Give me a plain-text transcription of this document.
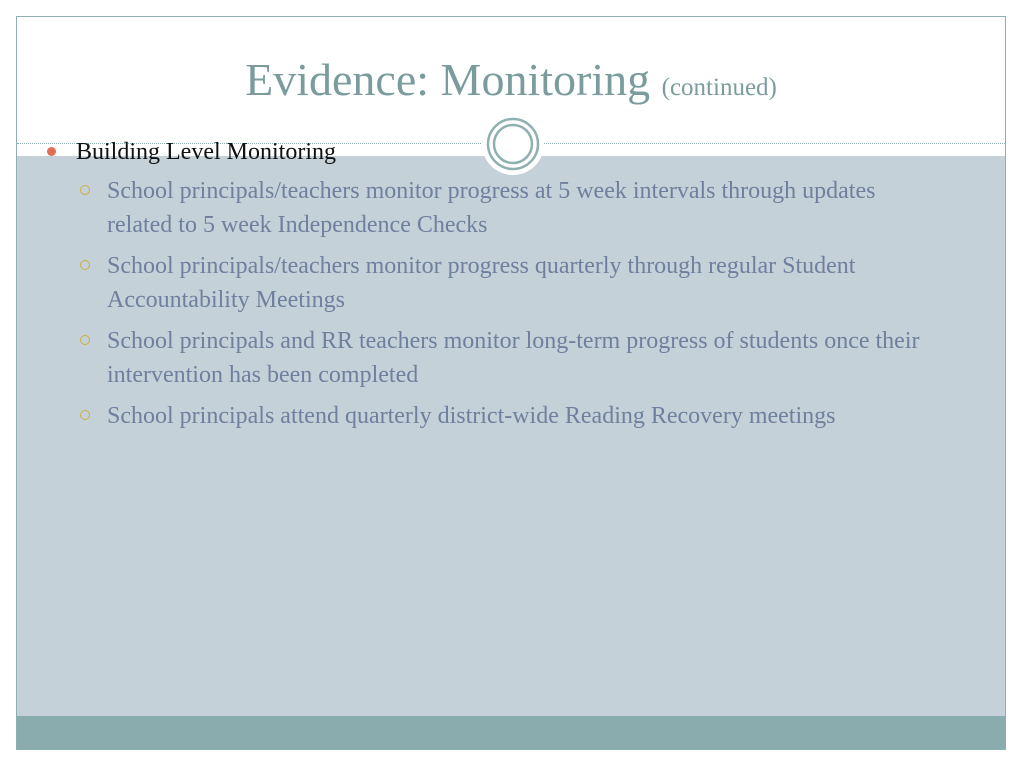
Evidence: Monitoring (continued)
Building Level Monitoring
School principals/teachers monitor progress at 5 week intervals through updates related to 5 week Independence Checks
School principals/teachers monitor progress quarterly through regular Student Accountability Meetings
School principals and RR teachers monitor long-term progress of students once their intervention has been completed
School principals attend quarterly district-wide Reading Recovery meetings
